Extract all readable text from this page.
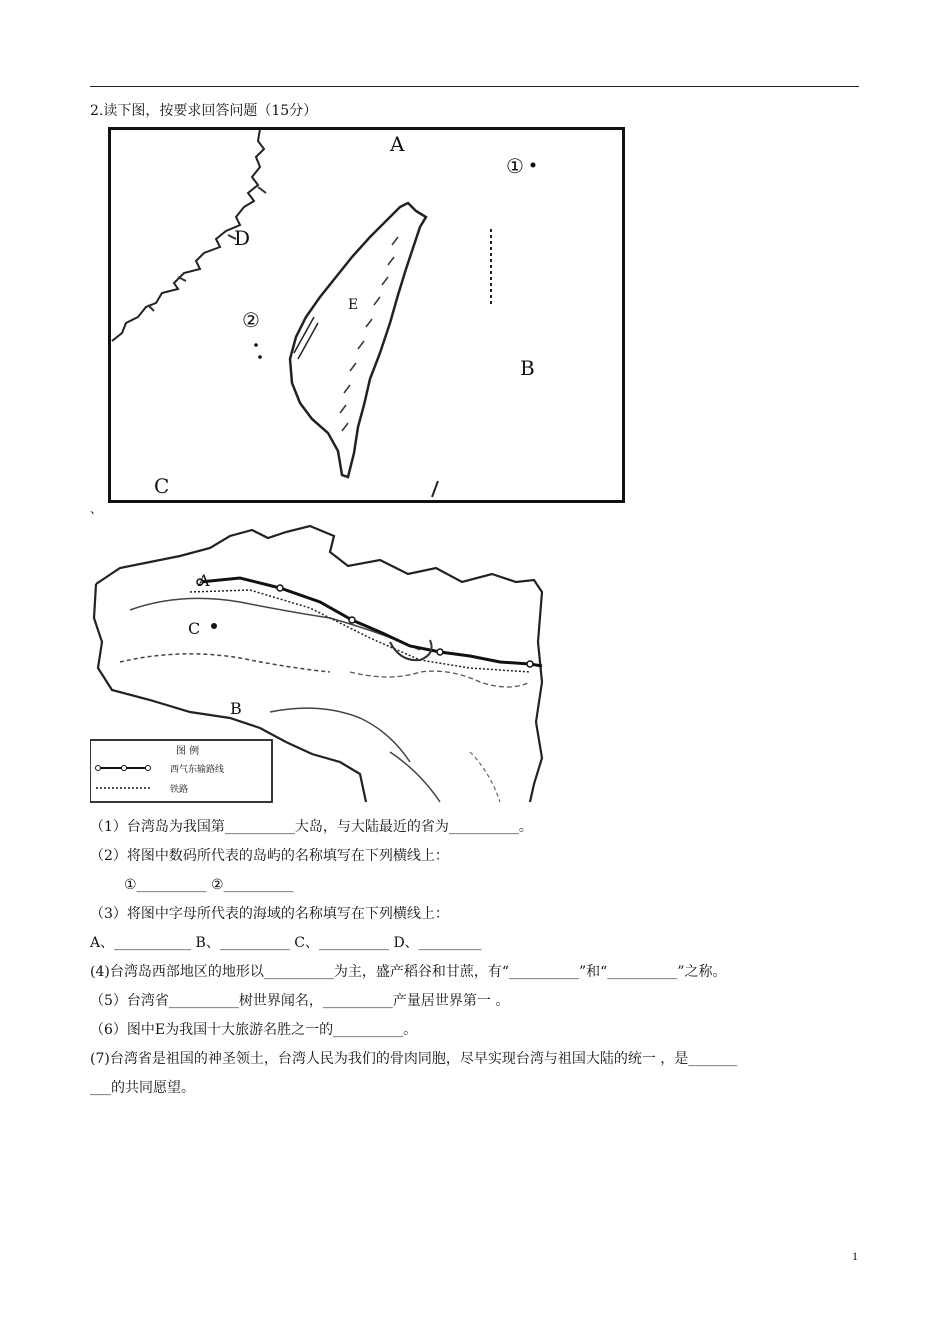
2.读下图，按要求回答问题（15分）
A
B
C
D
E
①
②
、
A
C
B
图 例
西气东输路线
铁路
（1）台湾岛为我国第__________大岛，与大陆最近的省为__________。
（2）将图中数码所代表的岛屿的名称填写在下列横线上：
①__________ ②__________
（3）将图中字母所代表的海域的名称填写在下列横线上：
A、___________ B、__________ C、__________ D、_________
(4)台湾岛西部地区的地形以__________为主，盛产稻谷和甘蔗，有“__________”和“__________”之称。
（5）台湾省__________树世界闻名，__________产量居世界第一 。
（6）图中E为我国十大旅游名胜之一的__________。
(7)台湾省是祖国的神圣领土，台湾人民为我们的骨肉同胞，尽早实现台湾与祖国大陆的统一 ，是_______
___的共同愿望。
1
